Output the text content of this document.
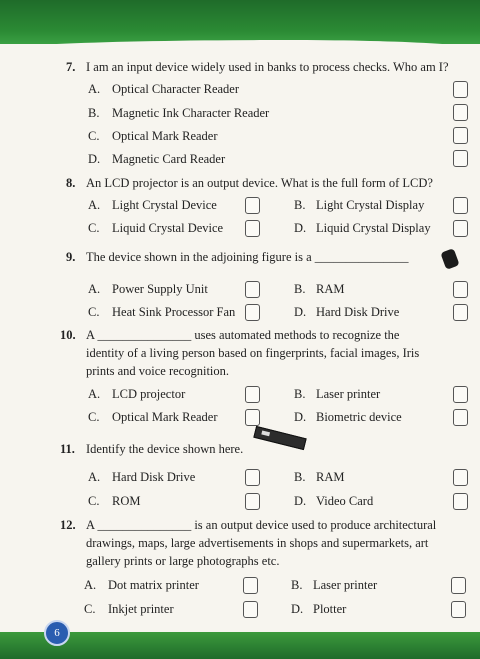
7. I am an input device widely used in banks to process checks. Who am I?
A. Optical Character Reader
B. Magnetic Ink Character Reader
C. Optical Mark Reader
D. Magnetic Card Reader
8. An LCD projector is an output device. What is the full form of LCD?
A. Light Crystal Device	B. Light Crystal Display
C. Liquid Crystal Device	D. Liquid Crystal Display
9. The device shown in the adjoining figure is a _______________
A. Power Supply Unit	B. RAM
C. Heat Sink Processor Fan	D. Hard Disk Drive
10. A _______________ uses automated methods to recognize the
identity of a living person based on fingerprints, facial images, Iris
prints and voice recognition.
A. LCD projector	B. Laser printer
C. Optical Mark Reader	D. Biometric device
11. Identify the device shown here.
A. Hard Disk Drive	B. RAM
C. ROM	D. Video Card
12. A _______________ is an output device used to produce architectural
drawings, maps, large advertisements in shops and supermarkets, art
gallery prints or large photographs etc.
A. Dot matrix printer	B. Laser printer
C. Inkjet printer	D. Plotter
6
